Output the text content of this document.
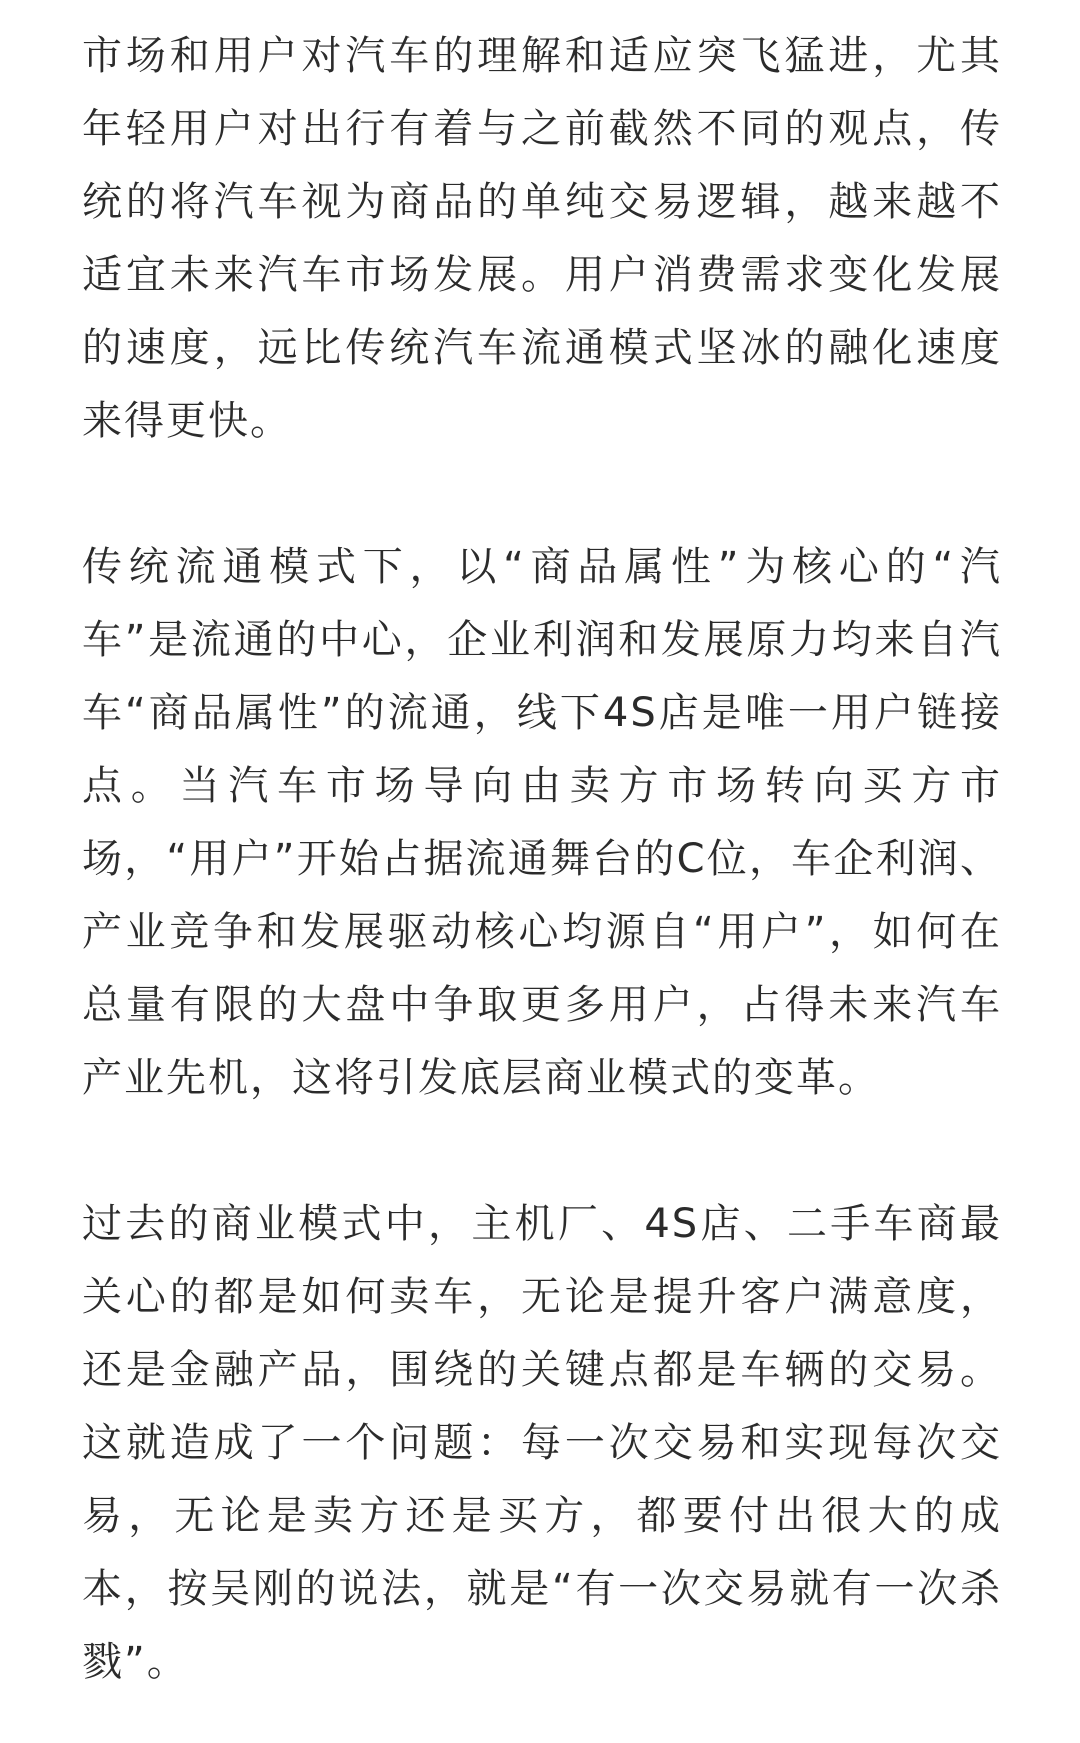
市场和用户对汽车的理解和适应突飞猛进，尤其年轻用户对出行有着与之前截然不同的观点，传统的将汽车视为商品的单纯交易逻辑，越来越不适宜未来汽车市场发展。用户消费需求变化发展的速度，远比传统汽车流通模式坚冰的融化速度来得更快。

传统流通模式下，以“商品属性”为核心的“汽车”是流通的中心，企业利润和发展原力均来自汽车“商品属性”的流通，线下4S店是唯一用户链接点。当汽车市场导向由卖方市场转向买方市场，“用户”开始占据流通舞台的C位，车企利润、产业竞争和发展驱动核心均源自“用户”，如何在总量有限的大盘中争取更多用户，占得未来汽车产业先机，这将引发底层商业模式的变革。

过去的商业模式中，主机厂、4S店、二手车商最关心的都是如何卖车，无论是提升客户满意度，还是金融产品，围绕的关键点都是车辆的交易。这就造成了一个问题：每一次交易和实现每次交易，无论是卖方还是买方，都要付出很大的成本，按吴刚的说法，就是“有一次交易就有一次杀戮”。
